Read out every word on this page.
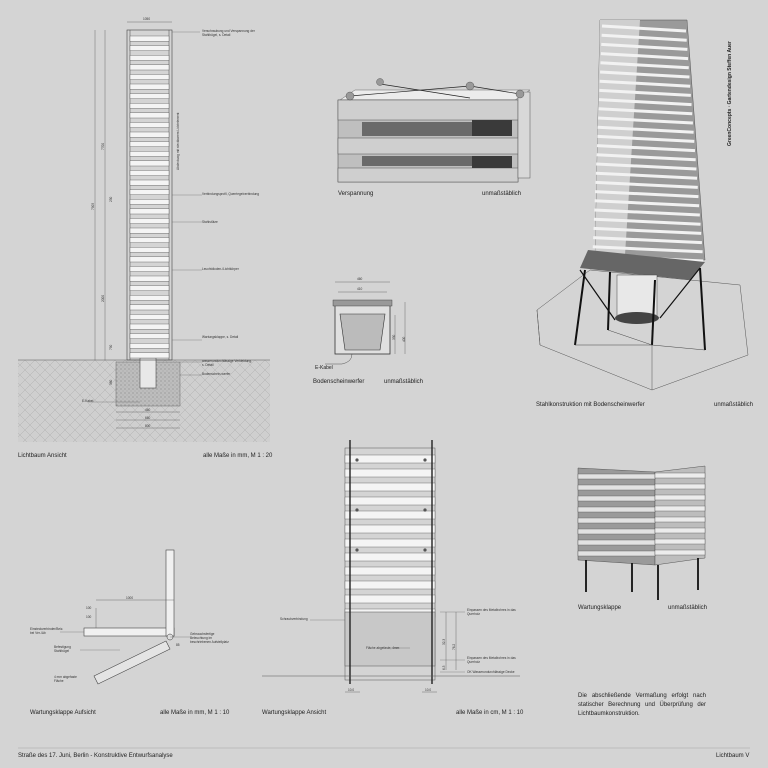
GreenConcepts · Gartendesign Steffen Auer
Verschraubung und Verspannung der Stahlbügel, s. Detail
Verbindungsprofil, Querriegelverbindung
Stahlstütze
Leuchtdioden-/Lichtkörper
Wartungsklappe, s. Detail
wasserundurchlässige Verkleidung, s. Detail
Bodenschein-werfer
E-Kabel
Abdeckung mit steckbarem Lichtelement
1050
7905
7700
2000
790
230
460
660
800
380
Lichtbaum Ansicht	alle Maße in mm, M 1 : 20
Verspannung	unmaßstäblich
460
410
330 400
E-Kabel
Bodenscheinwerfer	unmaßstäblich
Stahlkonstruktion mit Bodenscheinwerfer	unmaßstäblich
Einsteckverbinder/Beiz. bei Ver-/Ab
Befestigung Stahlbügel
4 mm abgefaste Fläche
Gebrauchsfertige Beleuchtung im beschriebenen Aufstellplatz
1000
100
100
85
Wartungsklappe Aufsicht	alle Maße in mm, M 1 : 10
Schraubverbindung
Einpassen des Metallrohres in das Querholz
Fläche abgefaste, 4mm
Einpassen des Metallrohres in das Querholz
OK Wasserundurchlässige Decke
10.0	10.0
32.3
76.2
6.3
Wartungsklappe Ansicht	alle Maße in cm, M 1 : 10
Wartungsklappe	unmaßstäblich
Die abschließende Vermaßung erfolgt nach statischer Berechnung und Überprüfung der Lichtbaumkonstruktion.
Straße des 17. Juni, Berlin - Konstruktive Entwurfsanalyse	Lichtbaum V
